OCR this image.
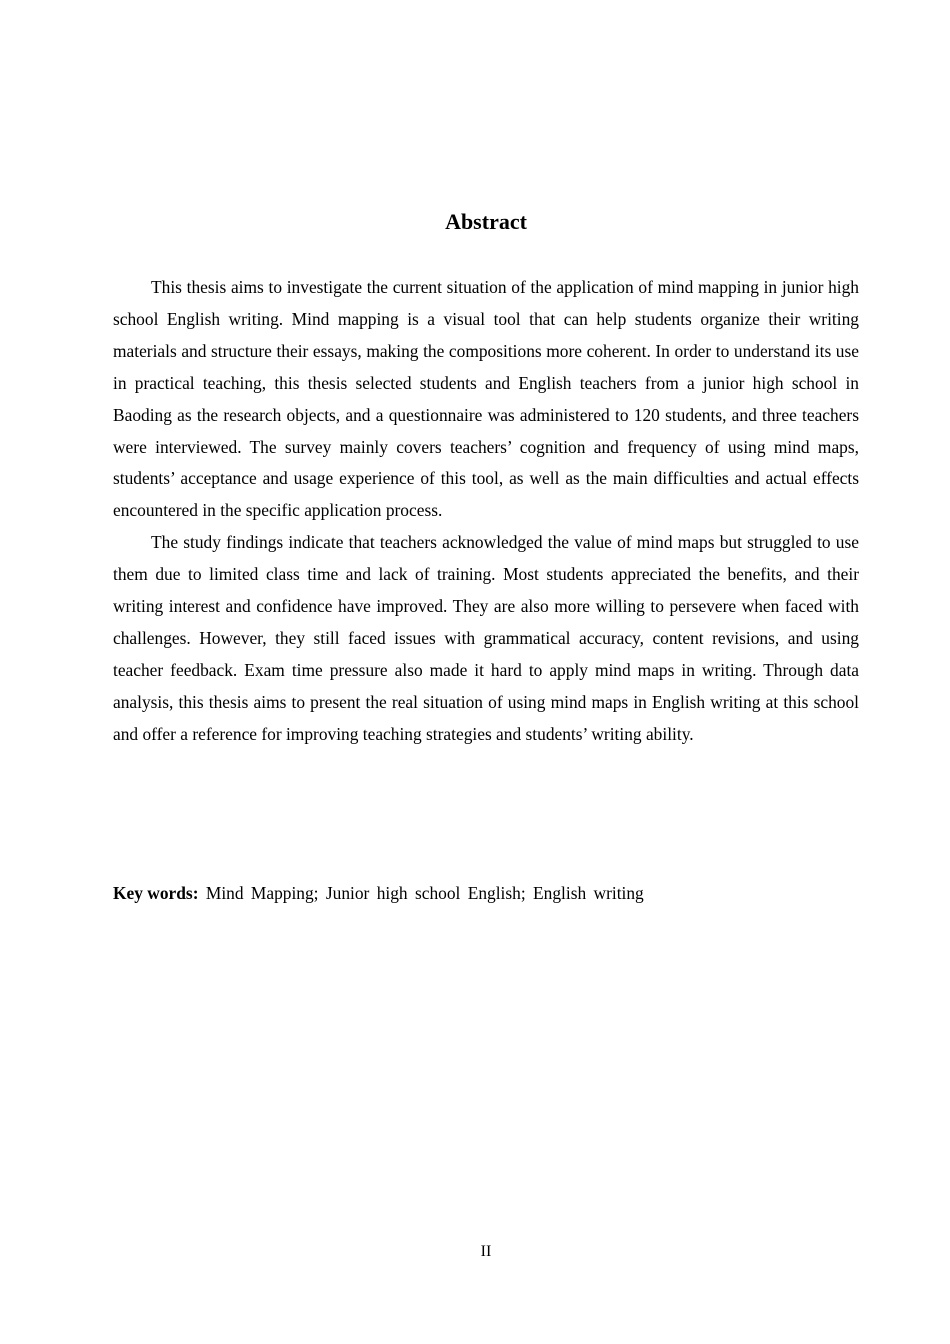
Abstract

This thesis aims to investigate the current situation of the application of mind mapping in junior high school English writing. Mind mapping is a visual tool that can help students organize their writing materials and structure their essays, making the compositions more coherent. In order to understand its use in practical teaching, this thesis selected students and English teachers from a junior high school in Baoding as the research objects, and a questionnaire was administered to 120 students, and three teachers were interviewed. The survey mainly covers teachers’ cognition and frequency of using mind maps, students’ acceptance and usage experience of this tool, as well as the main difficulties and actual effects encountered in the specific application process.

The study findings indicate that teachers acknowledged the value of mind maps but struggled to use them due to limited class time and lack of training. Most students appreciated the benefits, and their writing interest and confidence have improved. They are also more willing to persevere when faced with challenges. However, they still faced issues with grammatical accuracy, content revisions, and using teacher feedback. Exam time pressure also made it hard to apply mind maps in writing. Through data analysis, this thesis aims to present the real situation of using mind maps in English writing at this school and offer a reference for improving teaching strategies and students’ writing ability.

Key words: Mind Mapping; Junior high school English; English writing
II
